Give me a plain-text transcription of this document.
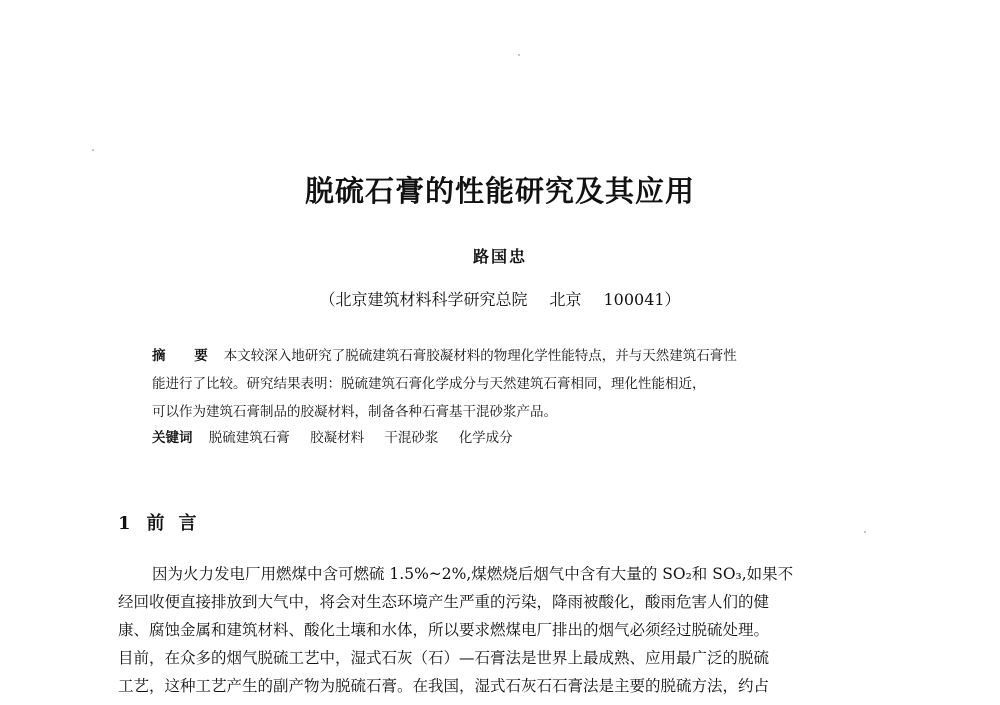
脱硫石膏的性能研究及其应用
路国忠
（北京建筑材料科学研究总院 北京 100041）
摘 要 本文较深入地研究了脱硫建筑石膏胶凝材料的物理化学性能特点，并与天然建筑石膏性
能进行了比较。研究结果表明：脱硫建筑石膏化学成分与天然建筑石膏相同，理化性能相近，
可以作为建筑石膏制品的胶凝材料，制备各种石膏基干混砂浆产品。
关键词 脱硫建筑石膏 胶凝材料 干混砂浆 化学成分
1 前言
因为火力发电厂用燃煤中含可燃硫 1.5%~2%,煤燃烧后烟气中含有大量的 SO₂和 SO₃,如果不
经回收便直接排放到大气中，将会对生态环境产生严重的污染，降雨被酸化，酸雨危害人们的健
康、腐蚀金属和建筑材料、酸化土壤和水体，所以要求燃煤电厂排出的烟气必须经过脱硫处理。
目前，在众多的烟气脱硫工艺中，湿式石灰（石）—石膏法是世界上最成熟、应用最广泛的脱硫
工艺，这种工艺产生的副产物为脱硫石膏。在我国，湿式石灰石石膏法是主要的脱硫方法，约占
